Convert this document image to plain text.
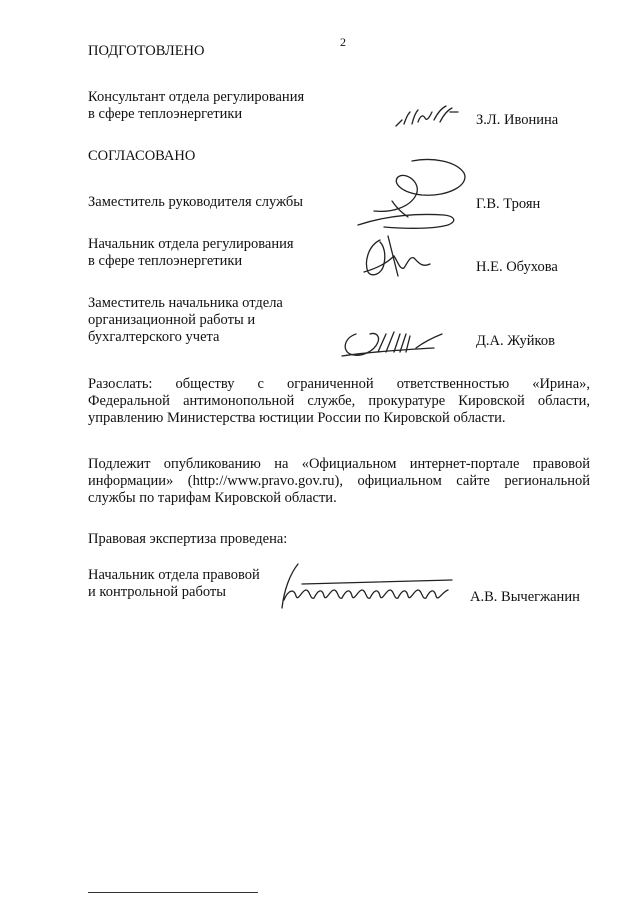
2
ПОДГОТОВЛЕНО
Консультант отдела регулирования
в сфере теплоэнергетики	З.Л. Ивонина
СОГЛАСОВАНО
Заместитель руководителя службы	Г.В. Троян
Начальник отдела регулирования
в сфере теплоэнергетики	Н.Е. Обухова
Заместитель начальника отдела
организационной работы и
бухгалтерского учета	Д.А. Жуйков
Разослать: обществу с ограниченной ответственностью «Ирина»,
Федеральной антимонопольной службе, прокуратуре Кировской области,
управлению Министерства юстиции России по Кировской области.
Подлежит опубликованию на «Официальном интернет-портале правовой
информации» (http://www.pravo.gov.ru), официальном сайте региональной
службы по тарифам Кировской области.
Правовая экспертиза проведена:
Начальник отдела правовой
и контрольной работы	А.В. Вычегжанин
